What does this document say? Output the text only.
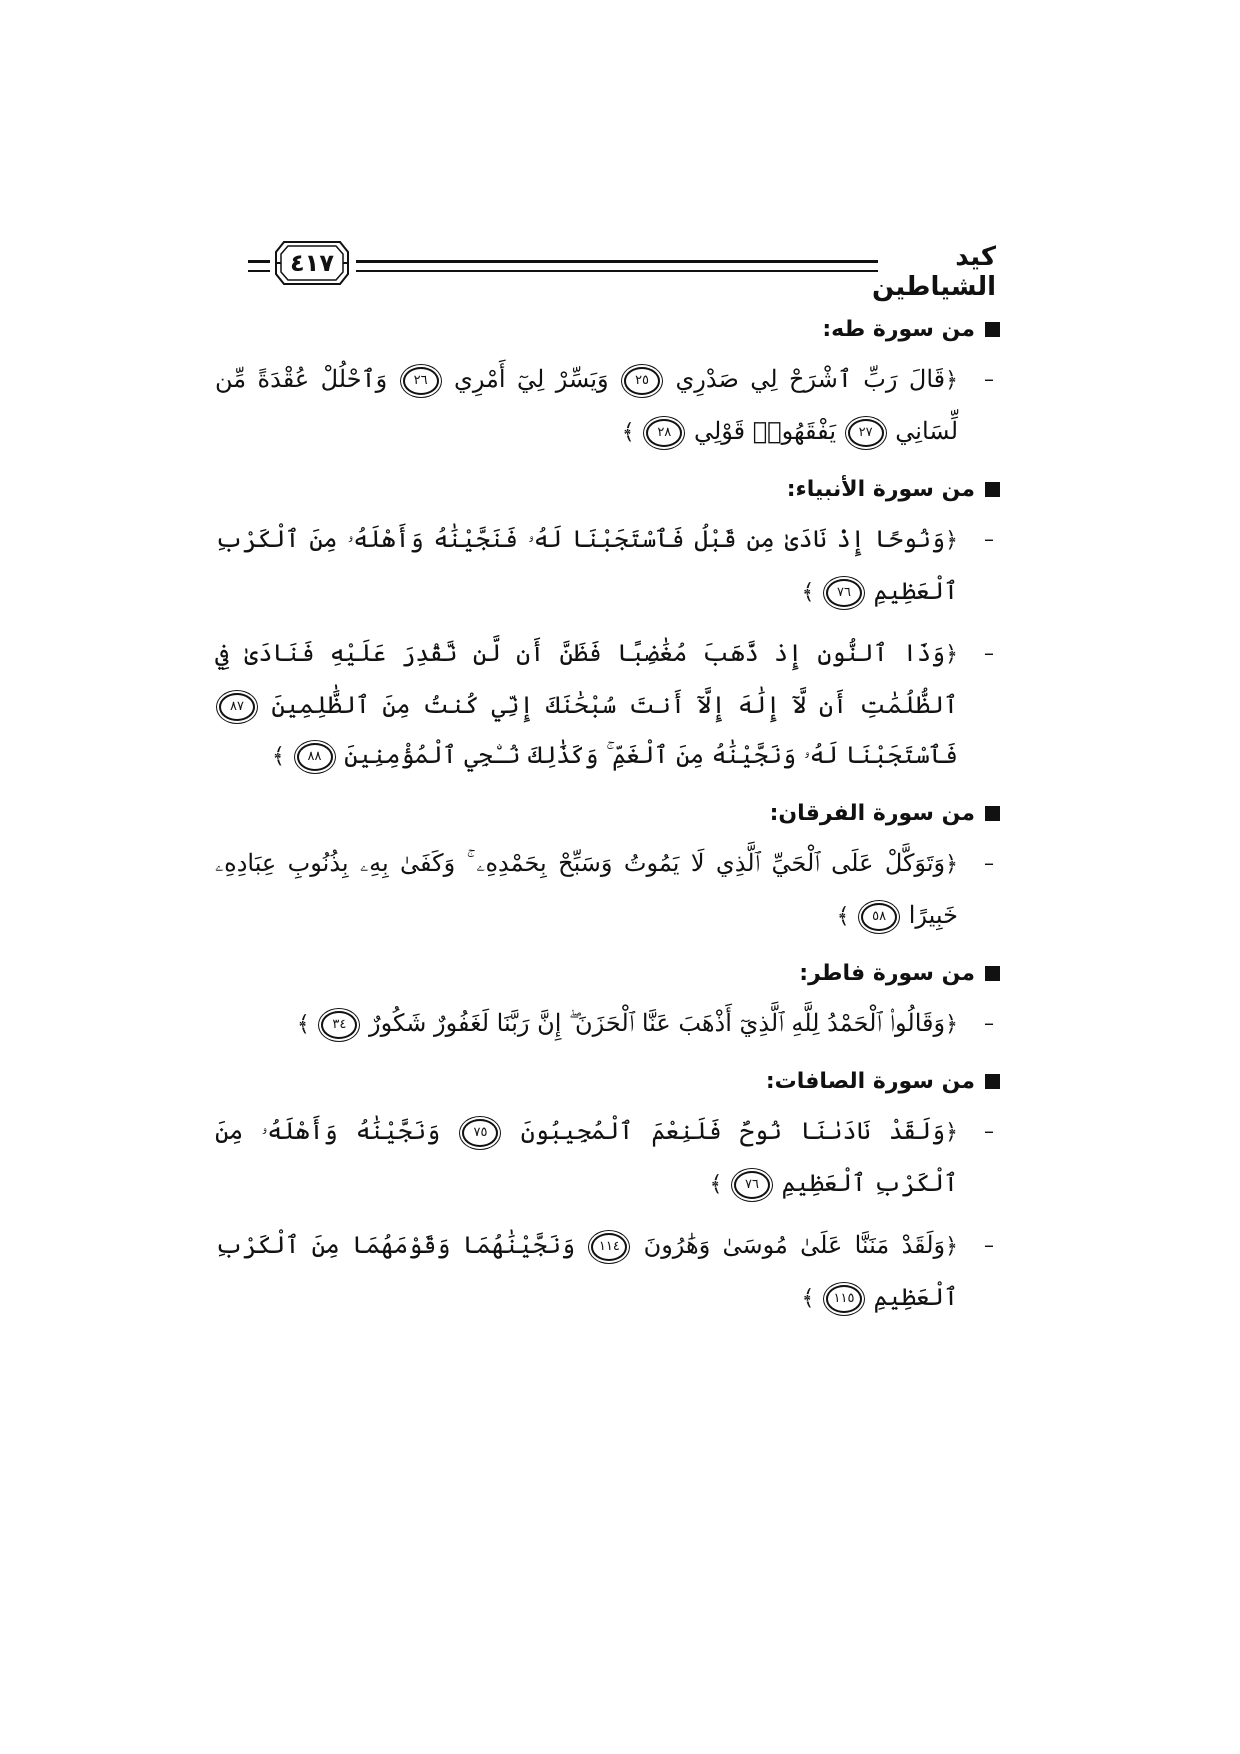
٤١٧	كيد الشياطين
من سورة طه:
–
﴿قَالَ رَبِّ ٱشْرَحْ لِي صَدْرِي ٢٥ وَيَسِّرْ لِيٓ أَمْرِي ٢٦ وَٱحْلُلْ عُقْدَةً مِّن لِّسَانِي ٢٧ يَفْقَهُوا۟ قَوْلِي ٢٨ ﴾
من سورة الأنبياء:
–
﴿وَنُوحًا إِذْ نَادَىٰ مِن قَبْلُ فَٱسْتَجَبْنَا لَهُۥ فَنَجَّيْنَٰهُ وَأَهْلَهُۥ مِنَ ٱلْكَرْبِ ٱلْعَظِيمِ ٧٦ ﴾
–
﴿وَذَا ٱلنُّونِ إِذ ذَّهَبَ مُغَٰضِبًا فَظَنَّ أَن لَّن نَّقْدِرَ عَلَيْهِ فَنَادَىٰ فِي ٱلظُّلُمَٰتِ أَن لَّآ إِلَٰهَ إِلَّآ أَنتَ سُبْحَٰنَكَ إِنِّي كُنتُ مِنَ ٱلظَّٰلِمِينَ ٨٧ فَٱسْتَجَبْنَا لَهُۥ وَنَجَّيْنَٰهُ مِنَ ٱلْغَمِّ ۚ وَكَذَٰلِكَ نُـۨجِي ٱلْمُؤْمِنِينَ ٨٨ ﴾
من سورة الفرقان:
–
﴿وَتَوَكَّلْ عَلَى ٱلْحَيِّ ٱلَّذِي لَا يَمُوتُ وَسَبِّحْ بِحَمْدِهِۦ ۚ وَكَفَىٰ بِهِۦ بِذُنُوبِ عِبَادِهِۦ خَبِيرًا ٥٨ ﴾
من سورة فاطر:
–
﴿وَقَالُوا۟ ٱلْحَمْدُ لِلَّهِ ٱلَّذِيٓ أَذْهَبَ عَنَّا ٱلْحَزَنَ ۖ إِنَّ رَبَّنَا لَغَفُورٌ شَكُورٌ ٣٤ ﴾
من سورة الصافات:
–
﴿وَلَقَدْ نَادَىٰنَا نُوحٌ فَلَنِعْمَ ٱلْمُجِيبُونَ ٧٥ وَنَجَّيْنَٰهُ وَأَهْلَهُۥ مِنَ ٱلْكَرْبِ ٱلْعَظِيمِ ٧٦ ﴾
–
﴿وَلَقَدْ مَنَنَّا عَلَىٰ مُوسَىٰ وَهَٰرُونَ ١١٤ وَنَجَّيْنَٰهُمَا وَقَوْمَهُمَا مِنَ ٱلْكَرْبِ ٱلْعَظِيمِ ١١٥ ﴾
